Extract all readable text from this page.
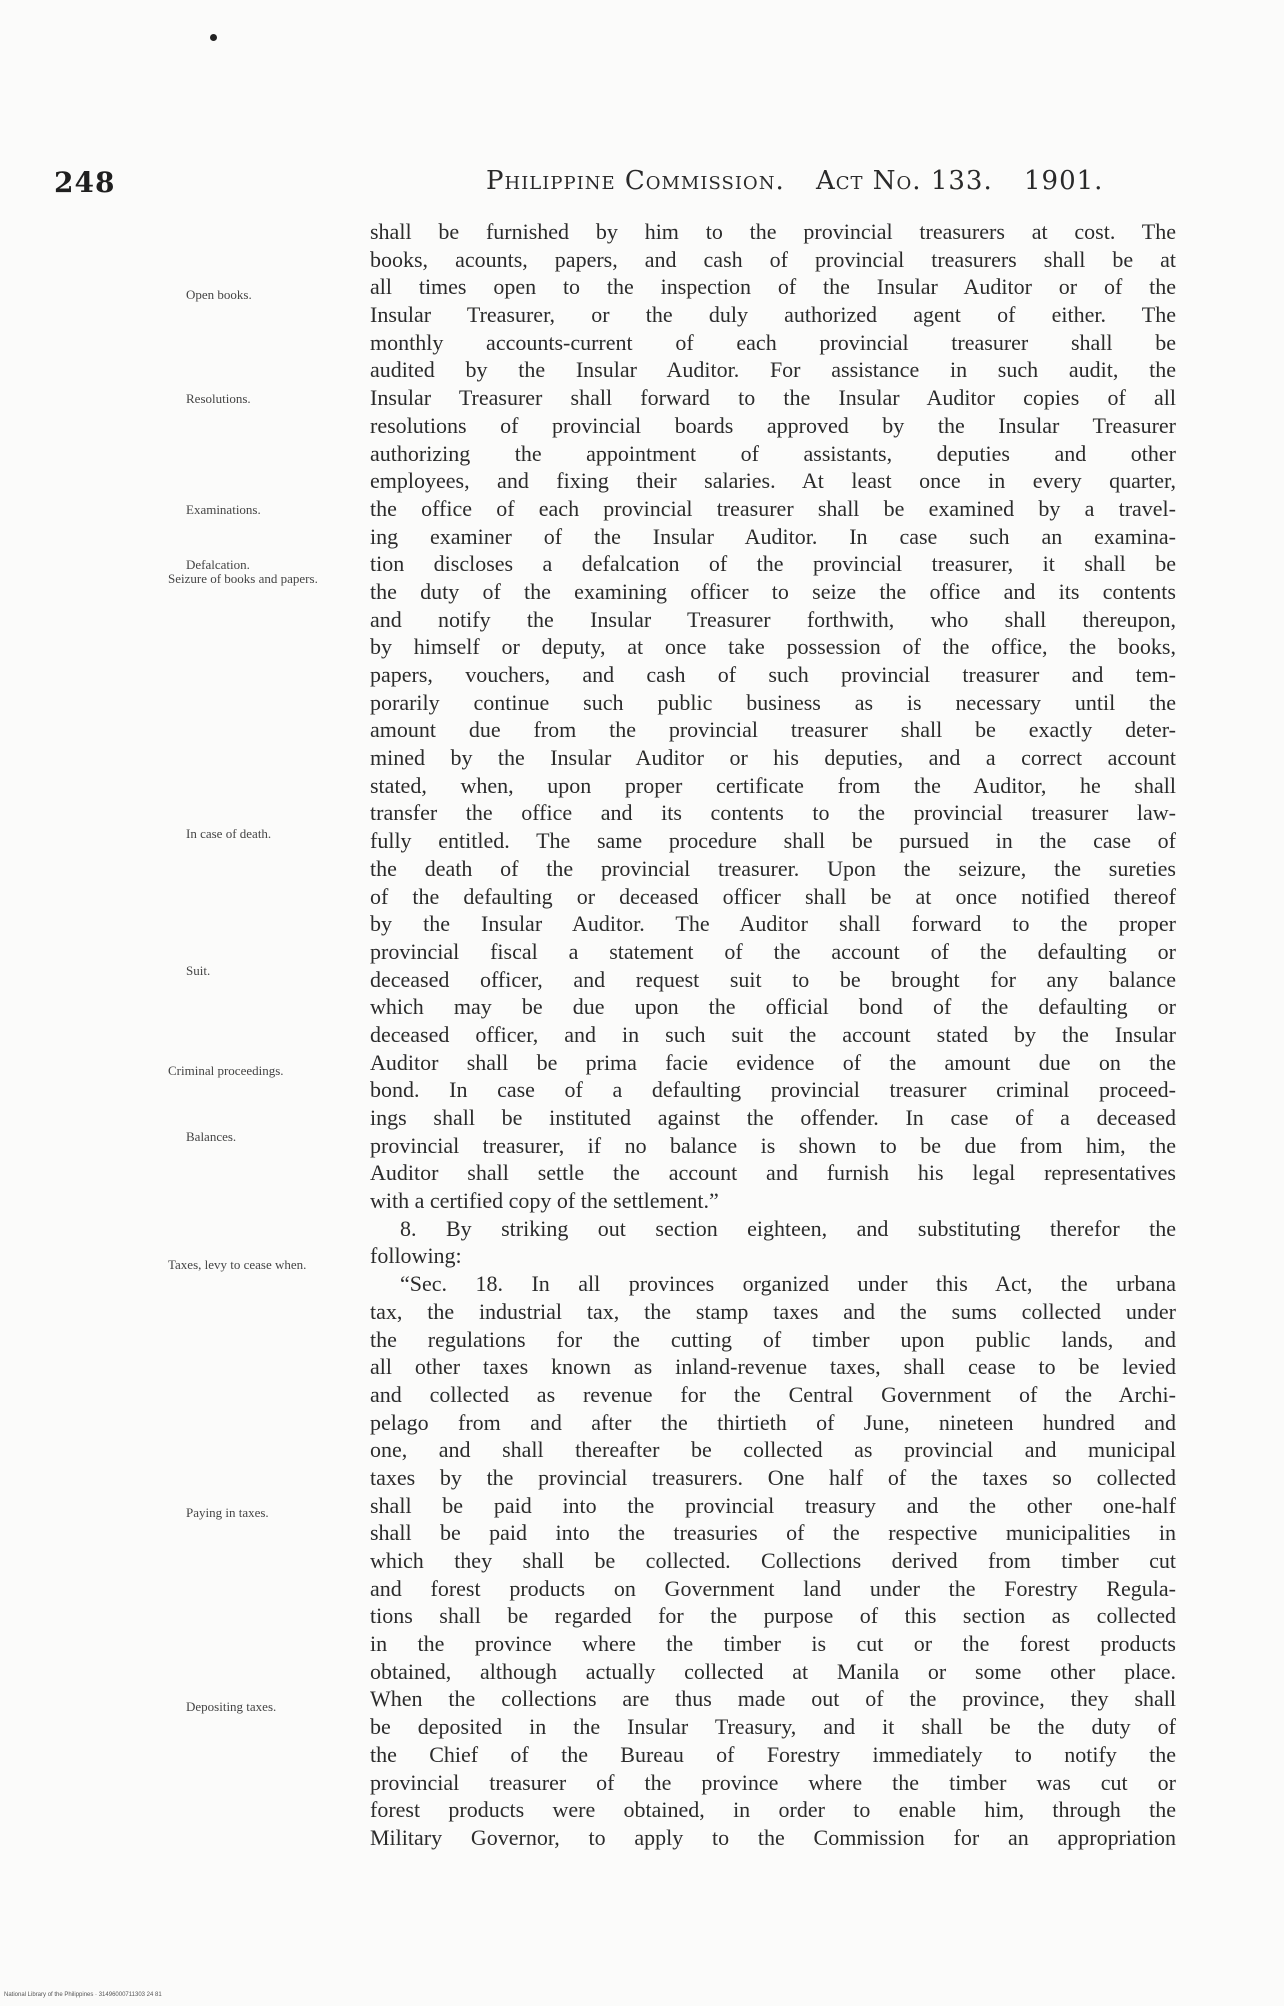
248	Philippine Commission. Act No. 133. 1901.
Open books.
Resolutions.
Examinations.
Defalcation.
Seizure of books and papers.
In case of death.
Suit.
Criminal proceedings.
Balances.
Taxes, levy to cease when.
Paying in taxes.
Depositing taxes.
shall be furnished by him to the provincial treasurers at cost. The
books, acounts, papers, and cash of provincial treasurers shall be at
all times open to the inspection of the Insular Auditor or of the
Insular Treasurer, or the duly authorized agent of either. The
monthly accounts-current of each provincial treasurer shall be
audited by the Insular Auditor. For assistance in such audit, the
Insular Treasurer shall forward to the Insular Auditor copies of all
resolutions of provincial boards approved by the Insular Treasurer
authorizing the appointment of assistants, deputies and other
employees, and fixing their salaries. At least once in every quarter,
the office of each provincial treasurer shall be examined by a travel-
ing examiner of the Insular Auditor. In case such an examina-
tion discloses a defalcation of the provincial treasurer, it shall be
the duty of the examining officer to seize the office and its contents
and notify the Insular Treasurer forthwith, who shall thereupon,
by himself or deputy, at once take possession of the office, the books,
papers, vouchers, and cash of such provincial treasurer and tem-
porarily continue such public business as is necessary until the
amount due from the provincial treasurer shall be exactly deter-
mined by the Insular Auditor or his deputies, and a correct account
stated, when, upon proper certificate from the Auditor, he shall
transfer the office and its contents to the provincial treasurer law-
fully entitled. The same procedure shall be pursued in the case of
the death of the provincial treasurer. Upon the seizure, the sureties
of the defaulting or deceased officer shall be at once notified thereof
by the Insular Auditor. The Auditor shall forward to the proper
provincial fiscal a statement of the account of the defaulting or
deceased officer, and request suit to be brought for any balance
which may be due upon the official bond of the defaulting or
deceased officer, and in such suit the account stated by the Insular
Auditor shall be prima facie evidence of the amount due on the
bond. In case of a defaulting provincial treasurer criminal proceed-
ings shall be instituted against the offender. In case of a deceased
provincial treasurer, if no balance is shown to be due from him, the
Auditor shall settle the account and furnish his legal representatives
with a certified copy of the settlement.”
8. By striking out section eighteen, and substituting therefor the
following:
“Sec. 18. In all provinces organized under this Act, the urbana
tax, the industrial tax, the stamp taxes and the sums collected under
the regulations for the cutting of timber upon public lands, and
all other taxes known as inland-revenue taxes, shall cease to be levied
and collected as revenue for the Central Government of the Archi-
pelago from and after the thirtieth of June, nineteen hundred and
one, and shall thereafter be collected as provincial and municipal
taxes by the provincial treasurers. One half of the taxes so collected
shall be paid into the provincial treasury and the other one-half
shall be paid into the treasuries of the respective municipalities in
which they shall be collected. Collections derived from timber cut
and forest products on Government land under the Forestry Regula-
tions shall be regarded for the purpose of this section as collected
in the province where the timber is cut or the forest products
obtained, although actually collected at Manila or some other place.
When the collections are thus made out of the province, they shall
be deposited in the Insular Treasury, and it shall be the duty of
the Chief of the Bureau of Forestry immediately to notify the
provincial treasurer of the province where the timber was cut or
forest products were obtained, in order to enable him, through the
Military Governor, to apply to the Commission for an appropriation
National Library of the Philippines · 31496000711303 24 81
